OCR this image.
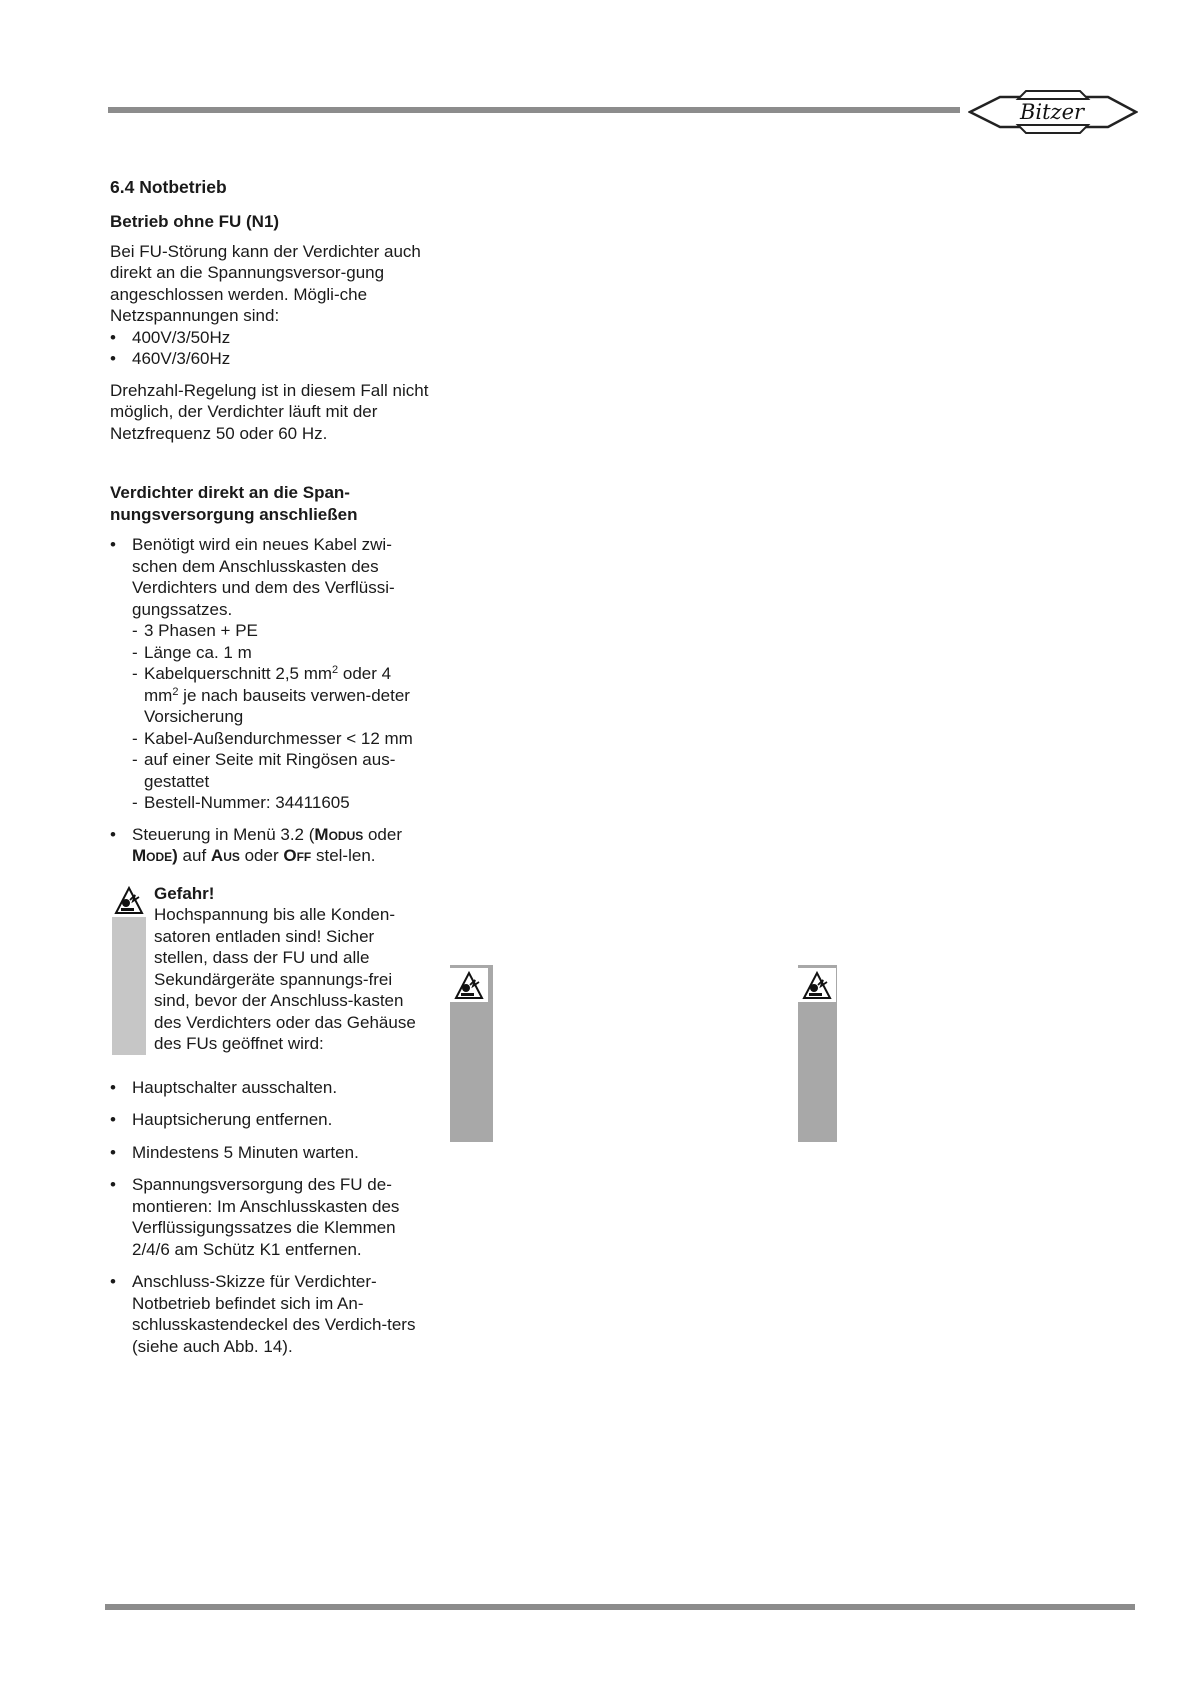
Bitzer
6.4 Notbetrieb
Betrieb ohne FU (N1)

Bei FU-Störung kann der Verdichter auch direkt an die Spannungsversor-gung angeschlossen werden. Mögli-che Netzspannungen sind:

• 400V/3/50Hz
• 460V/3/60Hz

Drehzahl-Regelung ist in diesem Fall nicht möglich, der Verdichter läuft mit der Netzfrequenz 50 oder 60 Hz.

Verdichter direkt an die Span-nungsversorgung anschließen
• Benötigt wird ein neues Kabel zwi-schen dem Anschlusskasten des Verdichters und dem des Verflüssi-gungssatzes.
- 3 Phasen + PE
- Länge ca. 1 m
- Kabelquerschnitt 2,5 $mm^2$ oder 4 $mm^2$ je nach bauseits verwen-deter Vorsicherung
- Kabel-Außendurchmesser < 12 mm
- auf einer Seite mit Ringösen aus-gestattet
- Bestell-Nummer: 34411605
• Steuerung in Menü 3.2 (Modus oder Mode) auf Aus oder Off stel-len.
Gefahr!
Hochspannung bis alle Konden-satoren entladen sind! Sicher stellen, dass der FU und alle Sekundärgeräte spannungs-frei sind, bevor der Anschluss-kasten des Verdichters oder das Gehäuse des FUs geöffnet wird:
• Hauptschalter ausschalten.
• Hauptsicherung entfernen.
• Mindestens 5 Minuten warten.
• Spannungsversorgung des FU de-montieren: Im Anschlusskasten des Verflüssigungssatzes die Klemmen 2/4/6 am Schütz K1 entfernen.
• Anschluss-Skizze für Verdichter-Notbetrieb befindet sich im An-schlusskastendeckel des Verdich-ters (siehe auch Abb. 14).
